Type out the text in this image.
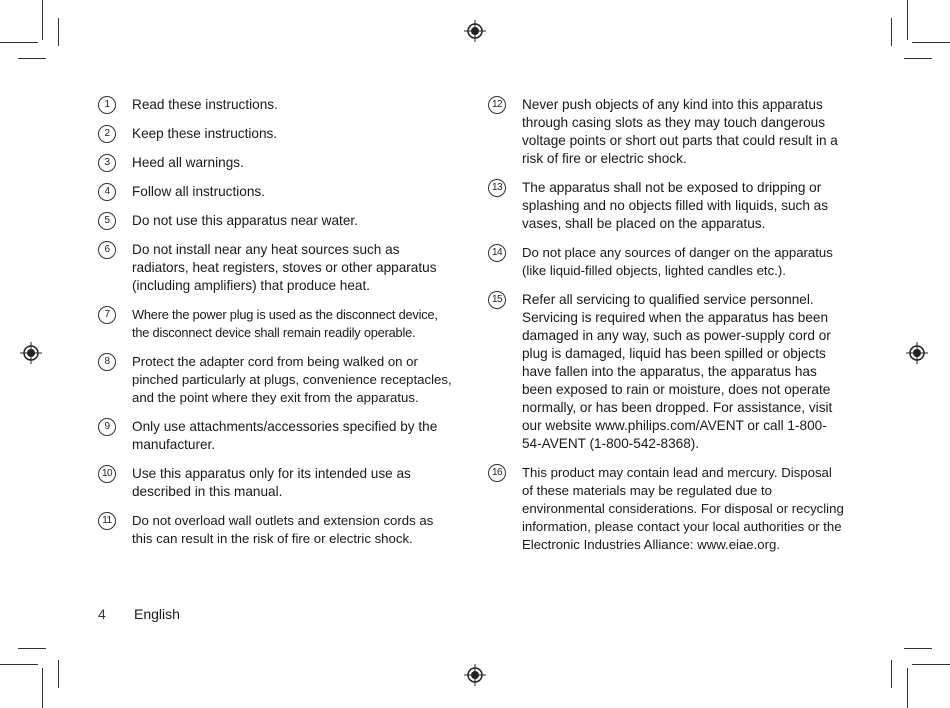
1	Read these instructions.
2	Keep these instructions.
3	Heed all warnings.
4	Follow all instructions.
5	Do not use this apparatus near water.
6	Do not install near any heat sources such as radiators, heat registers, stoves or other apparatus (including amplifiers) that produce heat.
7	Where the power plug is used as the disconnect device, the disconnect device shall remain readily operable.
8	Protect the adapter cord from being walked on or pinched particularly at plugs, convenience receptacles, and the point where they exit from the apparatus.
9	Only use attachments/accessories specified by the manufacturer.
10 Use this apparatus only for its intended use as described in this manual.
11	Do not overload wall outlets and extension cords as this can result in the risk of fire or electric shock.
12 Never push objects of any kind into this apparatus through casing slots as they may touch dangerous voltage points or short out parts that could result in a risk of fire or electric shock.
13 The apparatus shall not be exposed to dripping or splashing and no objects filled with liquids, such as vases, shall be placed on the apparatus.
14 Do not place any sources of danger on the apparatus (like liquid-filled objects, lighted candles etc.).
15 Refer all servicing to qualified service personnel. Servicing is required when the apparatus has been damaged in any way, such as power-supply cord or plug is damaged, liquid has been spilled or objects have fallen into the apparatus, the apparatus has been exposed to rain or moisture, does not operate normally, or has been dropped. For assistance, visit our website www.philips.com/AVENT or call 1-800-54-AVENT (1-800-542-8368).
16 This product may contain lead and mercury. Disposal of these materials may be regulated due to environmental considerations. For disposal or recycling information, please contact your local authorities or the Electronic Industries Alliance: www.eiae.org.
4 English
